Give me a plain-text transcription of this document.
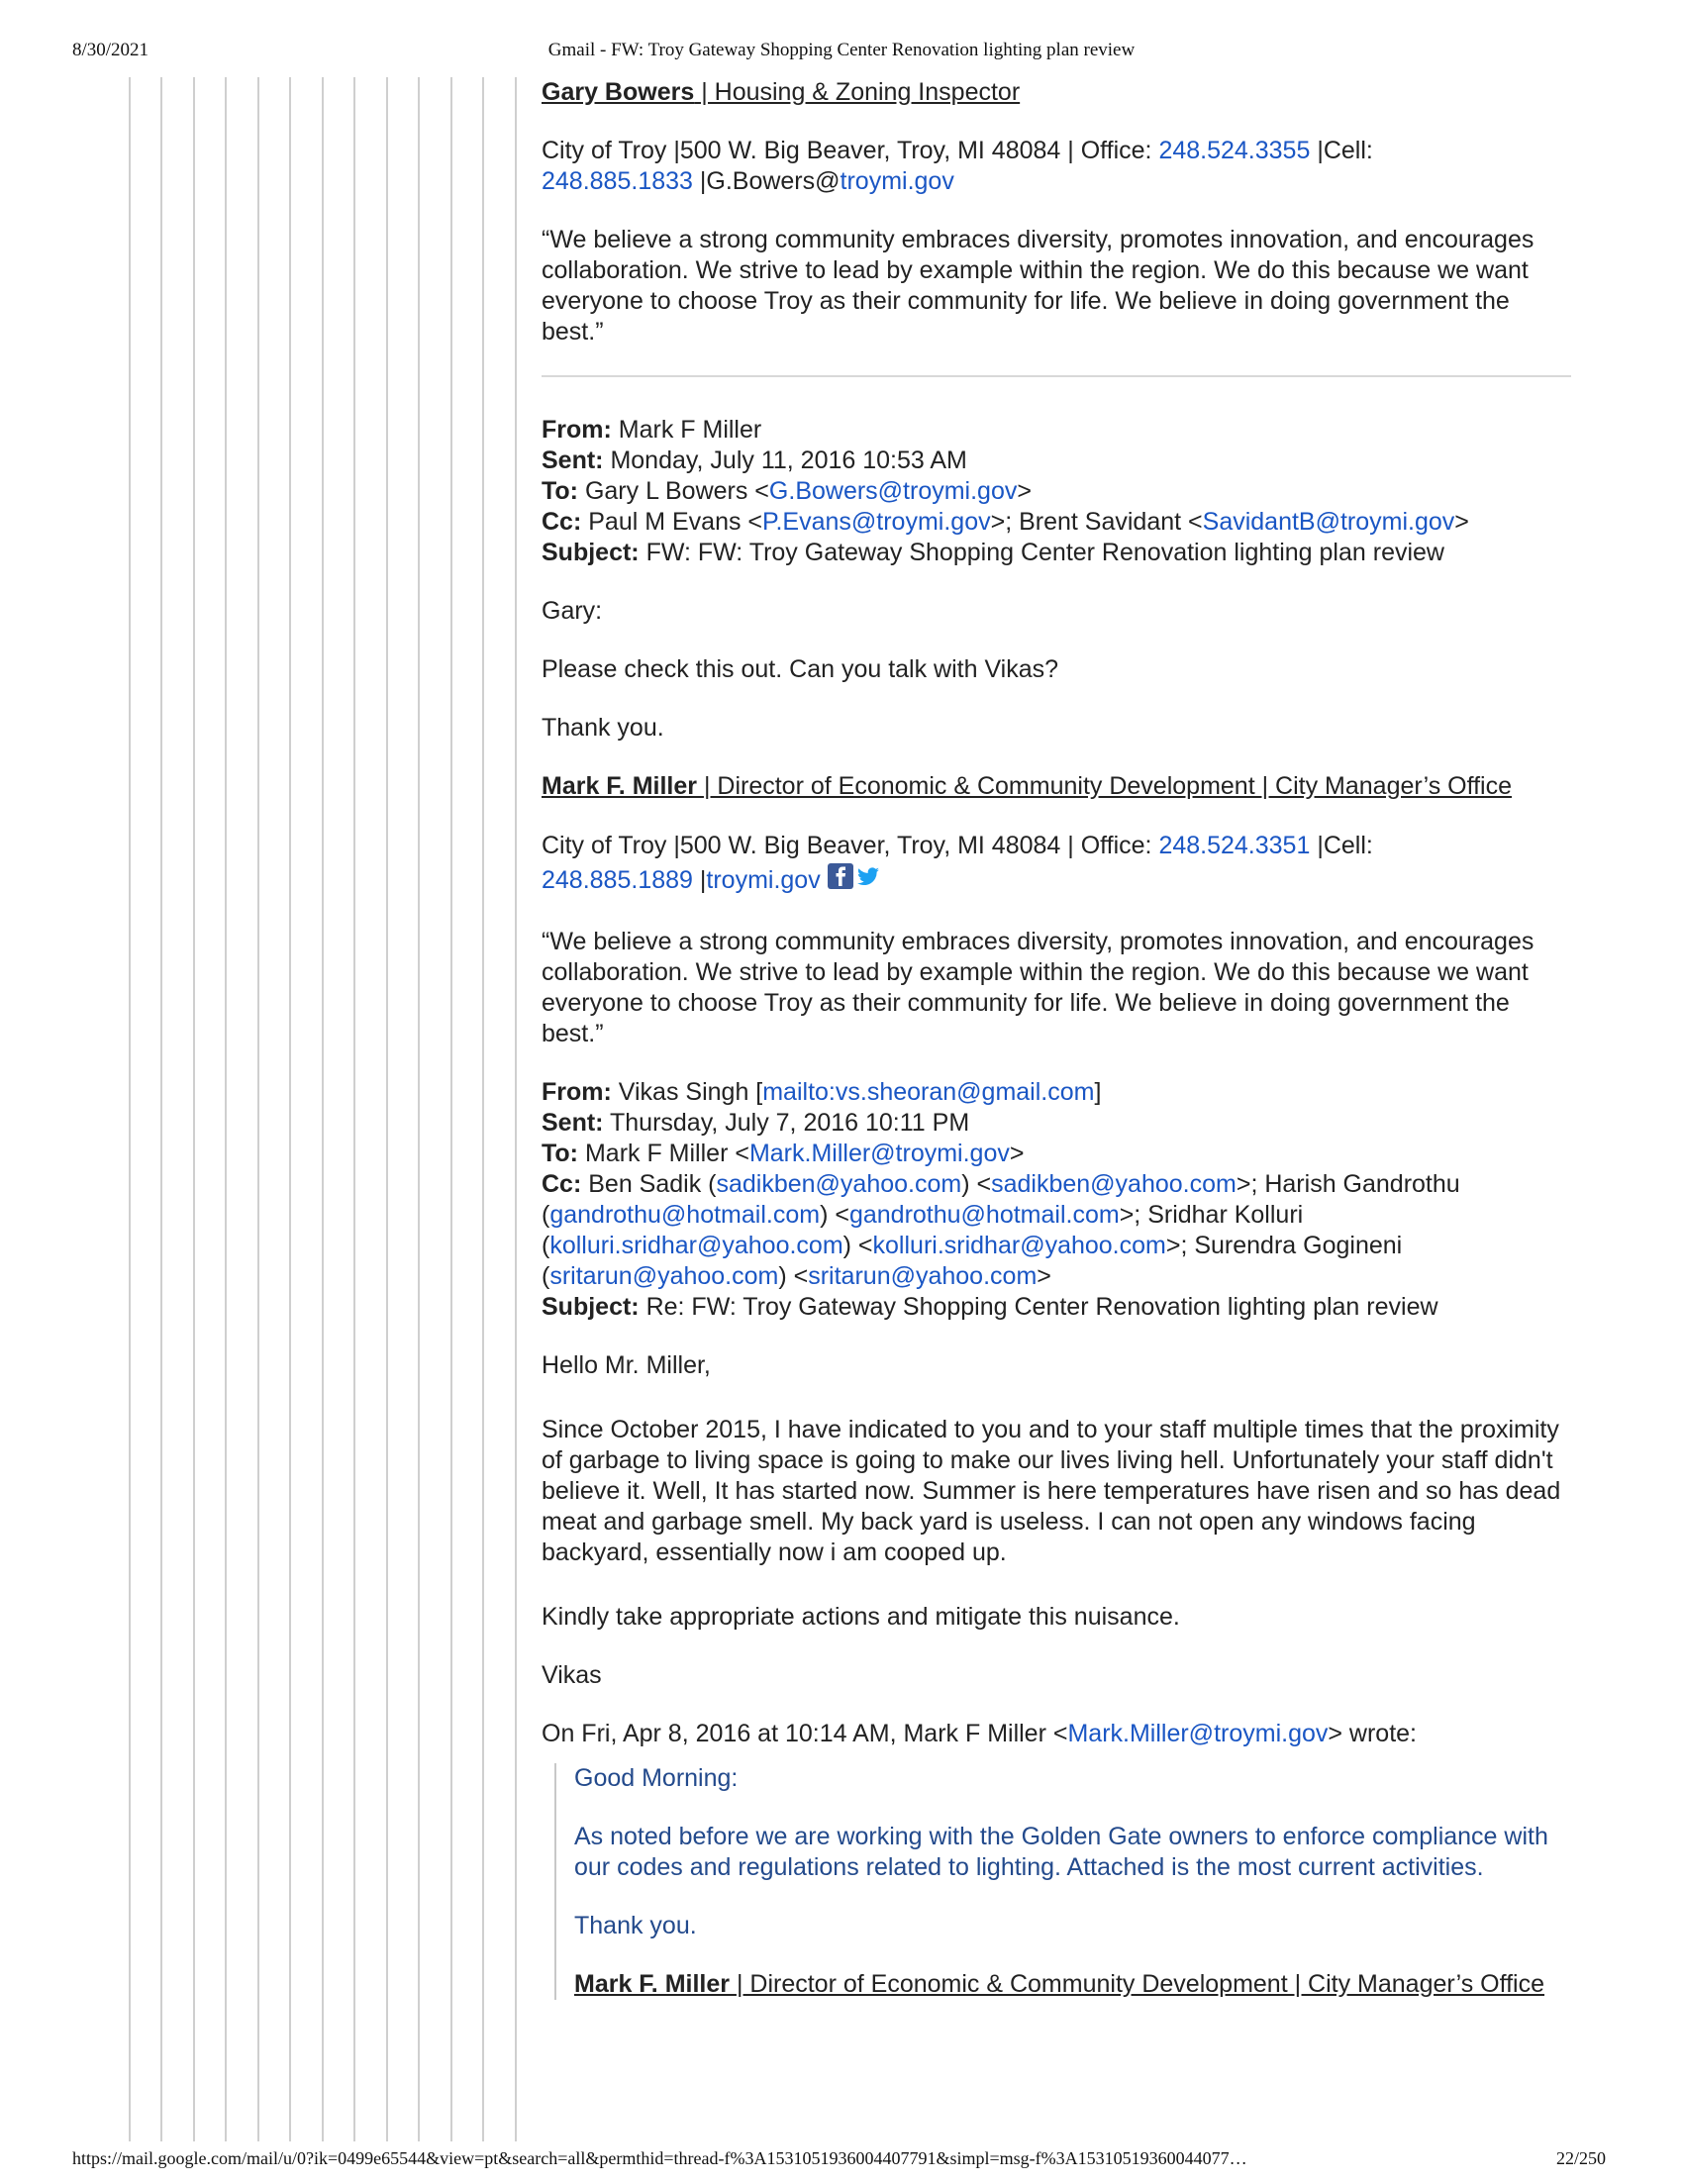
Gmail - FW: Troy Gateway Shopping Center Renovation lighting plan review
8/30/2021

Gary Bowers | Housing & Zoning Inspector

City of Troy |500 W. Big Beaver, Troy, MI 48084 | Office: 248.524.3355 |Cell:
248.885.1833 |G.Bowers@troymi.gov

“We believe a strong community embraces diversity, promotes innovation, and encourages collaboration. We strive to lead by example within the region. We do this because we want everyone to choose Troy as their community for life. We believe in doing government the best.”

From: Mark F Miller
Sent: Monday, July 11, 2016 10:53 AM
To: Gary L Bowers <G.Bowers@troymi.gov>
Cc: Paul M Evans <P.Evans@troymi.gov>; Brent Savidant <SavidantB@troymi.gov>
Subject: FW: FW: Troy Gateway Shopping Center Renovation lighting plan review

Gary:

Please check this out. Can you talk with Vikas?

Thank you.

Mark F. Miller | Director of Economic & Community Development | City Manager’s Office

City of Troy |500 W. Big Beaver, Troy, MI 48084 | Office: 248.524.3351 |Cell:
248.885.1889 |troymi.gov

“We believe a strong community embraces diversity, promotes innovation, and encourages collaboration. We strive to lead by example within the region. We do this because we want everyone to choose Troy as their community for life. We believe in doing government the best.”

From: Vikas Singh [mailto:vs.sheoran@gmail.com]
Sent: Thursday, July 7, 2016 10:11 PM
To: Mark F Miller <Mark.Miller@troymi.gov>
Cc: Ben Sadik (sadikben@yahoo.com) <sadikben@yahoo.com>; Harish Gandrothu (gandrothu@hotmail.com) <gandrothu@hotmail.com>; Sridhar Kolluri (kolluri.sridhar@yahoo.com) <kolluri.sridhar@yahoo.com>; Surendra Gogineni (sritarun@yahoo.com) <sritarun@yahoo.com>
Subject: Re: FW: Troy Gateway Shopping Center Renovation lighting plan review

Hello Mr. Miller,

Since October 2015, I have indicated to you and to your staff multiple times that the proximity of garbage to living space is going to make our lives living hell. Unfortunately your staff didn't believe it. Well, It has started now. Summer is here temperatures have risen and so has dead meat and garbage smell. My back yard is useless. I can not open any windows facing backyard, essentially now i am cooped up.

Kindly take appropriate actions and mitigate this nuisance.

Vikas

On Fri, Apr 8, 2016 at 10:14 AM, Mark F Miller <Mark.Miller@troymi.gov> wrote:

Good Morning:

As noted before we are working with the Golden Gate owners to enforce compliance with our codes and regulations related to lighting. Attached is the most current activities.

Thank you.

Mark F. Miller | Director of Economic & Community Development | City Manager’s Office

https://mail.google.com/mail/u/0?ik=0499e65544&view=pt&search=all&permthid=thread-f%3A1531051936004407791&simpl=msg-f%3A15310519360044077…	22/250
